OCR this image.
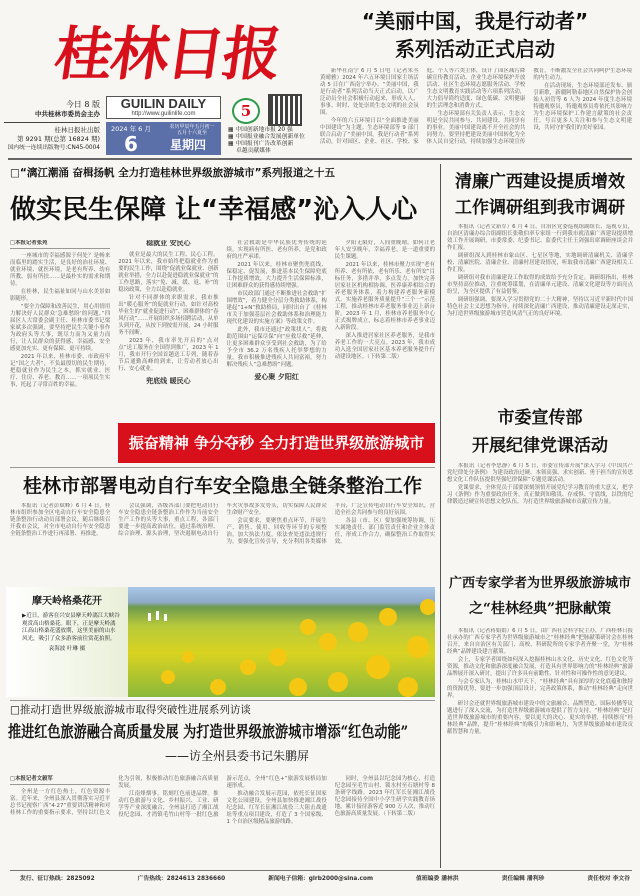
桂林日报
今日 8 版
中共桂林市委员会主办
桂林日报社出版
第 9291 期(总第 16824 期)
国内统一连续出版物号:CN45-0004
GUILIN DAILY
http://www.guilinlife.com
2024 年 6 月
6
农历甲辰年五月初一
五月十六夏至
星期四
5
▦ 中国创新地市报 20 强
▦ 中国报业融合发展创新单位
▦ 中国报刊广告改革创新
卓越贡献媒体
“美丽中国，我是行动者”
系列活动正式启动

新华社南宁 6 月 5 日电（记者朱丞 黄晴雅）2024 年六五环境日国家主场活动 5 日在广西南宁举办。“美丽中国，我是行动者”系列活动当天正式启动，以广泛动员全社会积极行动起来，形成人人、事事、时时、处处崇尚生态文明的社会氛围。

今年的六五环境日以“全面推进美丽中国建设”为主题。生态环境部等 9 部门联合启动了“美丽中国，我是行动者”系列活动，针对园区、企业、社区、学校、家庭、个人等六类主体，设计了园区减污降碳宣传教育活动、企业生态环境保护开放活动、社区生态环境志愿服务活动、学校生态文明教育实践活动等六项系列活动，大力倡导简约适度、绿色低碳、文明健康的生活理念和消费方式。

生态环境部有关负责人表示，生态文明是全民共同参与、共同建设、共同享有的事业。美丽中国建设离不开全社会的共同努力，要坚持把建设美丽中国转化为全体人民自觉行动，持续加强生态环境宣传教育，不断激发全社会共同呵护生态环境的内生动力。

在活动现场，生态环境部还发布、颁引新歌，新疆阿勒泰地区自然保护协会创始人初管等 6 人为 2024 年度生态环境特邀观察员，特邀观察员将依托其影响力为生态环境保护工作建言献策的社会责任，号召更多人关注和参与生态文明建设，共同守护我们的美好家园。

□“漓江潮涌 奋楫扬帆 全力打造桂林世界级旅游城市”系列报道之十五
做实民生保障 让“幸福感”沁入人心

□本报记者张苑

一座城市的幸福感源于何处？是畅来而临里的踏实生活，是良好的治社环境、就业环境、就医环境，是老有所养、幼有所教、弱有所扶……是最朴实的需求和期待。

在桂林，民生福祉如同与山水美景如影随形。

“要全力保障和改善民生，用心用情用力解决好人民群众‘急难愁盼’的问题。”四届区人大常委会副主任、桂林市委书记梁家斌多次强调，要坚持把民生关键小事作为政府头等大事，既尽力而为又量力而行，让人民群众的获得感、幸福感、安全感更加充实、更有保障、更可持续。

2021 年以来，桂林市委、市政府牢记“国之大者”，不负最殷切的民生期待，把稳就业作为民生之本，抓实就业、医疗、住房、养老、教育……一项项民生实事，托起了寻常百姓的幸福。

稳就业 安民心

就业是最大的民生工程、民心工程。2021 年以来，我市始终把稳就业作为重要的民生工作，围绕“促就业保就业、创新就业举措，全力以赴促进稳就业保就业”的工作思路，落实“免、减、缓、返、补”的稳岗政策，全力以赴稳就业。

针对不同群体的求职需求，我市推出“暖心服务”的促就业行动，如针对高校毕业生的“就业促进行动”、困难群体的“春风行动”……开展组织多场招聘活动，从单头到开花，从按下到按需开展，24 小时服务不间断。

2023 年，我市率先开启的“点对点”送工服务在全国得到推广，2023 年 1 月，我市开行全国首趟送工专列，随着春节后通勤高峰的到来，让劳动者放心出行、安心就业。

兜底线 暖民心

社会救助是中华民族优秀传统的延续，实现病有所医、老有所养，是党和政府的庄严承诺。

2021 年以来，桂林市聚焦兜底线、保稳定、促发展，推进基本民生保障兜底工作提质增效，大力提升生活保障标准，让困难群众的获得感持续增强。

市民政部门通过不断推进社会救助“扩围增效”，着力健全分层分类救助体系，构建起“1+N”救助格局，同时出台了《桂林市关于加强基层社会救助体系和治理能力现代化建设的实施方案》等政策文件。

此外，我市还通过“政策找人”，将救助范围由“运保尽保”向“应救尽救”延伸，让更多困难群众享受到社会救助，为了给予全市 36.2 万名残疾人托举梦想的力量，我市积极推进残疾人共同富裕，努力解决残疾人“急难愁盼”问题。

爱心聚 夕阳红

夕阳无限好，人间重晚晴。如何让老年人安享晚年，幸福养老，是一道重要的民生课题。

2021 年以来，桂林市聚力实现“老有所养、老有所依、老有所乐、老有所安”目标任务，多措并举，多点发力，加快完善居家社区机构相协调、医养康养相结合的养老服务体系，着力构建养老服务新模式。实施养老服务质量提升“三个一”示范工程，推动桂林市养老服务事业迈上新台阶。2023 年 1 月，桂林市养老服务中心正式揭牌成立，标志着桂林市养老事业迈入新阶段。

深入推进居家社区养老服务，是我市养老工作的一大亮点。2023 年，我市成功入选全国居家社区基本养老服务提升行动建设地区。（下转第二版）

振奋精神 争分夺秒 全力打造世界级旅游城市
桂林市部署电动自行车安全隐患全链条整治工作

本报讯（记者彭斌峰）6 月 4 日，桂林市组织参加全区电动自行车安全隐患全链条整治行动动员部署会议，随后继续召开我市会议，对全市电动自行车安全隐患全链条整治工作进行再部署、再推进。

会议强调，各级各部门要把电动自行车安全隐患全链条整治工作作为当前安全生产工作的头等大事，重点工程，各部门要进一步提高政治站位，通过系统治理、综合治理、源头治理，坚决遏制电动自行车火灾事故多发势头，切实保障人民群众生命财产安全。

会议要求，要聚焦重点环节，开展生产、销售、使用、回收等环节的专项整治，加大执法力度，依法查处违法违规行为。要强化宣传引导，充分利用各类媒体平台，广泛宣传电动自行车安全知识，营造全社会共同参与的良好氛围。

各县（市、区）要加强统筹协调，压实属地责任、部门监管责任和企业主体责任，形成工作合力，确保整治工作取得实效。

摩天岭格桑花开
▶近日，游客在兴安县摩天岭漓江大峡谷观赏高山格桑花。眼下，正是摩天岭漓江高山格桑花盛放期，这里美丽的山水风光，吸引了众多游客前往赏花拍照。
袁海波 叶琳 摄
□推动打造世界级旅游城市取得突破性进展系列访谈
推进红色旅游融合高质量发展 为打造世界级旅游城市增添“红色动能”
——访全州县委书记朱鹏屏

□本报记者文毅军

全州是一方红色热土，红色资源丰富。近年来，全州县深入贯彻落实习近平总书记视察广西“4·27”重要讲话精神和对桂林工作的重要指示要求，坚持以红色文化为引领，积极推动红色旅游融合高质量发展。

江南烽烟事，铭刻红色前进品牌。推动红色旅游与文化、乡村振兴、工业、研学等产业深度融合，全州县打造了湘江战役纪念园、才湾镇毛竹山村等一批红色旅游示范点，全州“红色+”旅游发展格局加速形成。

推动融合发展示范园，依托长征国家文化公园建设，全州县加快推进湘江战役纪念园、红军长征湘江战役三大阻击战遗址等重点项目建设，打造了 3 个国家级、1 个自治区级精品旅游线路。

同时，全州县以纪念园为核心，打造纪念园至毛竹山村、锁水村至石塘村等 8 条研学线路。2023 年红军长征湘江战役纪念园接待全国中小学生研学实践教育场地，累计接待游客近 900 万人次，推动红色旅游高质量发展。（下转第二版）

清廉广西建设提质增效
工作调研组到我市调研

本报讯（记者文新军）6 月 4 日，自治区党委巡视组副组长、巡视专员，自治区清廉办综合组副组长张敬伯率专家组一行到我市就清廉广西建设提质增效工作开展调研，市委常委、纪委书记、监委代主任王剑强出席调研座谈会并作汇报。

调研组深入到桂林市象山区、七星区等地，实地调研清廉机关、清廉学校、清廉医院、清廉企业、清廉村居建设情况，听取我市清廉广西建设相关工作汇报。

调研组对我市清廉建设工作取得的成效给予充分肯定。调研组指出，桂林市坚持高位推动，注重统筹谋划，在清廉单元建设、清廉文化建设等方面亮点纷呈，为全区提供了有益借鉴。

调研组强调，要深入学习贯彻党的二十大精神，坚持以习近平新时代中国特色社会主义思想为指导，持续深化清廉广西建设，推动清廉建设走深走实，为打造世界级旅游城市营造风清气正的良好环境。

市委宣传部
开展纪律党课活动

本报讯（记者李思静）6 月 5 日，市委宣传部开展“深入学习《中国共产党纪律处分条例》 为建设政治过硬、本领高强、求实创新、勇于担当的宣传思想文化工作队伍提供坚强纪律保障”专题党课活动。

党课要求，全体党员干部要深刻领悟开展党纪学习教育的重大意义，把学习《条例》作为重要政治任务，真正做到知敬畏、存戒惧、守底线，以铁的纪律锻造过硬宣传思想文化队伍，为打造世界级旅游城市贡献宣传力量。

广西专家学者为世界级旅游城市
之“桂林经典”把脉献策

本报讯（记者蒋娟娟）6 月 5 日，由广西社会科学院主办，广西桂林日报社承办的广西专家学者为世界级旅游城市之“桂林经典”把脉献策研讨会在桂林召开，来自自治区有关部门、高校、科研院所的专家学者齐聚一堂，为“桂林经典”品牌建设建言献策。

会上，专家学者围绕如何深入挖掘桂林山水文化、历史文化、红色文化等资源，推动文化和旅游深度融合发展，打造具有世界影响力的“桂林经典”旅游品牌展开深入研讨，提出了许多具有前瞻性、针对性和可操作性的意见建议。

与会专家认为，桂林山水甲天下，“桂林经典”具有深厚的文化底蕴和独特的资源优势，要进一步加强顶层设计，完善政策体系，推动“桂林经典”走向世界。

研讨会还就世界级旅游城市建设中的文旅融合、品牌塑造、国际传播等议题进行了深入交流，为打造世界级旅游城市提供了智力支持。“桂林经典”是打造世界级旅游城市的重要内容，要以更大的决心、更实的举措，持续擦亮“桂林经典”品牌，提升“桂林经典”的吸引力和影响力，为世界级旅游城市建设贡献智慧和力量。

发行、征订热线：2825092	广告热线：2824613 2836660	新闻电子信箱：glrb2000@sina.com	值班编委 潘林洪	责任编辑 潘利珍	责任校对 李文谷
